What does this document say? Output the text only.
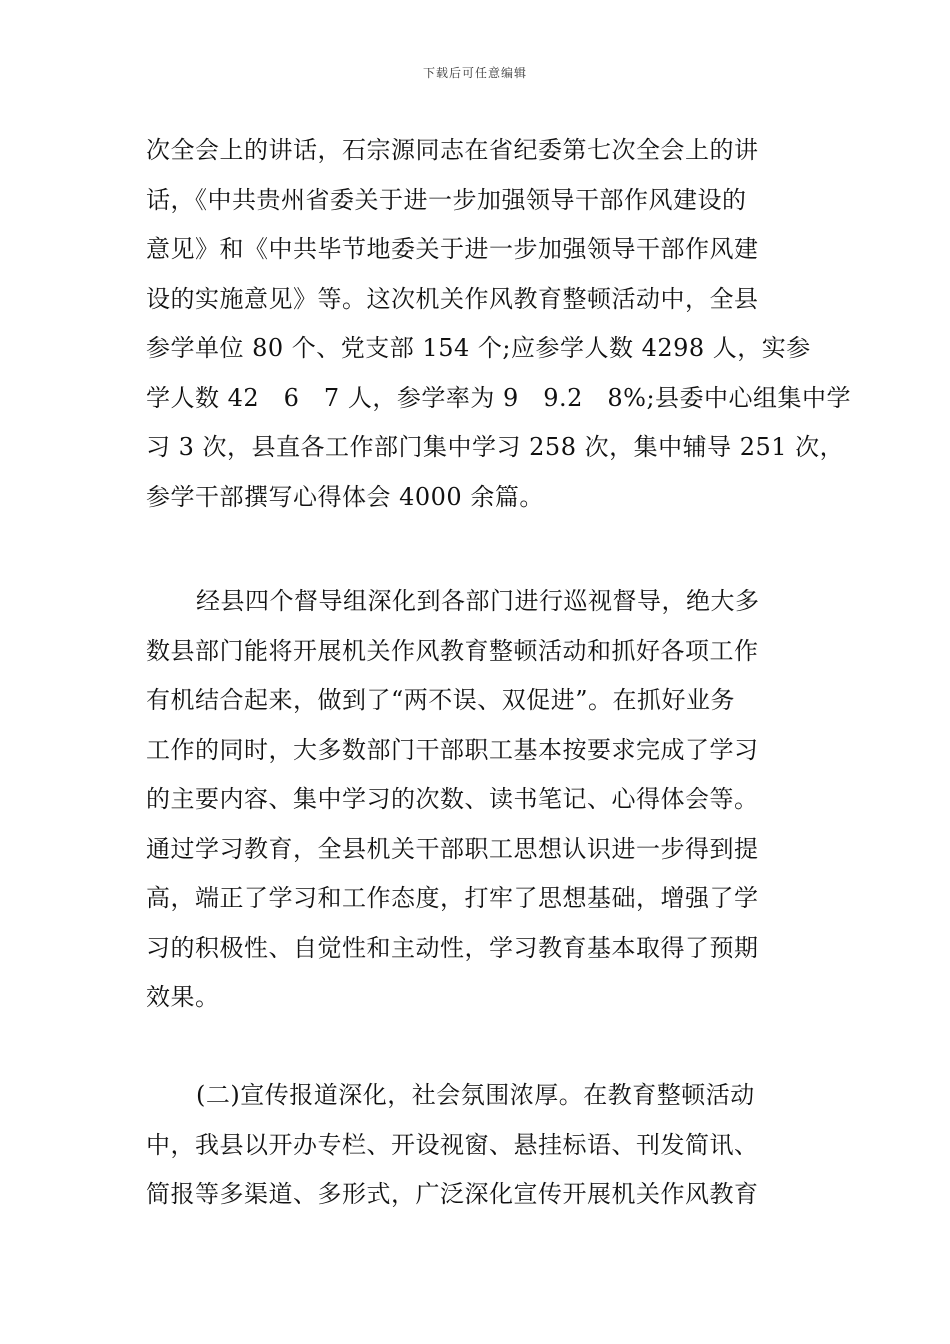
下载后可任意编辑
次全会上的讲话，石宗源同志在省纪委第七次全会上的讲
话，《中共贵州省委关于进一步加强领导干部作风建设的
意见》和《中共毕节地委关于进一步加强领导干部作风建
设的实施意见》等。这次机关作风教育整顿活动中，全县
参学单位 80 个、党支部 154 个;应参学人数 4298 人，实参
学人数 42　6　7 人，参学率为 9　9.2　8%;县委中心组集中学
习 3 次，县直各工作部门集中学习 258 次，集中辅导 251 次，
参学干部撰写心得体会 4000 余篇。
经县四个督导组深化到各部门进行巡视督导，绝大多
数县部门能将开展机关作风教育整顿活动和抓好各项工作
有机结合起来，做到了“两不误、双促进”。在抓好业务
工作的同时，大多数部门干部职工基本按要求完成了学习
的主要内容、集中学习的次数、读书笔记、心得体会等。
通过学习教育，全县机关干部职工思想认识进一步得到提
高，端正了学习和工作态度，打牢了思想基础，增强了学
习的积极性、自觉性和主动性，学习教育基本取得了预期
效果。
(二)宣传报道深化，社会氛围浓厚。在教育整顿活动
中，我县以开办专栏、开设视窗、悬挂标语、刊发简讯、
简报等多渠道、多形式，广泛深化宣传开展机关作风教育
